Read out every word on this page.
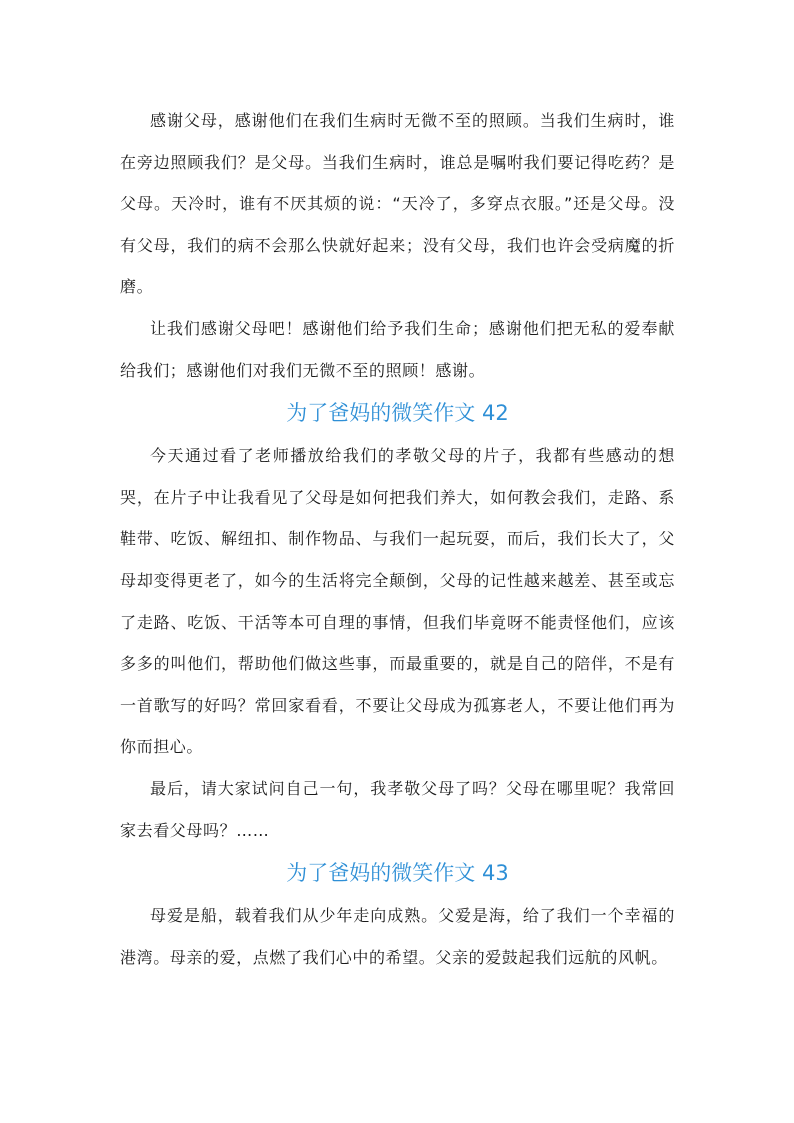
感谢父母，感谢他们在我们生病时无微不至的照顾。当我们生病时，谁在旁边照顾我们？是父母。当我们生病时，谁总是嘱咐我们要记得吃药？是父母。天冷时，谁有不厌其烦的说：“天冷了，多穿点衣服。”还是父母。没有父母，我们的病不会那么快就好起来；没有父母，我们也许会受病魔的折磨。

让我们感谢父母吧！感谢他们给予我们生命；感谢他们把无私的爱奉献给我们；感谢他们对我们无微不至的照顾！感谢。

为了爸妈的微笑作文 42

今天通过看了老师播放给我们的孝敬父母的片子，我都有些感动的想哭，在片子中让我看见了父母是如何把我们养大，如何教会我们，走路、系鞋带、吃饭、解纽扣、制作物品、与我们一起玩耍，而后，我们长大了，父母却变得更老了，如今的生活将完全颠倒，父母的记性越来越差、甚至或忘了走路、吃饭、干活等本可自理的事情，但我们毕竟呀不能责怪他们，应该多多的叫他们，帮助他们做这些事，而最重要的，就是自己的陪伴，不是有一首歌写的好吗？常回家看看，不要让父母成为孤寡老人，不要让他们再为你而担心。

最后，请大家试问自己一句，我孝敬父母了吗？父母在哪里呢？我常回家去看父母吗？……

为了爸妈的微笑作文 43

母爱是船，载着我们从少年走向成熟。父爱是海，给了我们一个幸福的港湾。母亲的爱，点燃了我们心中的希望。父亲的爱鼓起我们远航的风帆。
